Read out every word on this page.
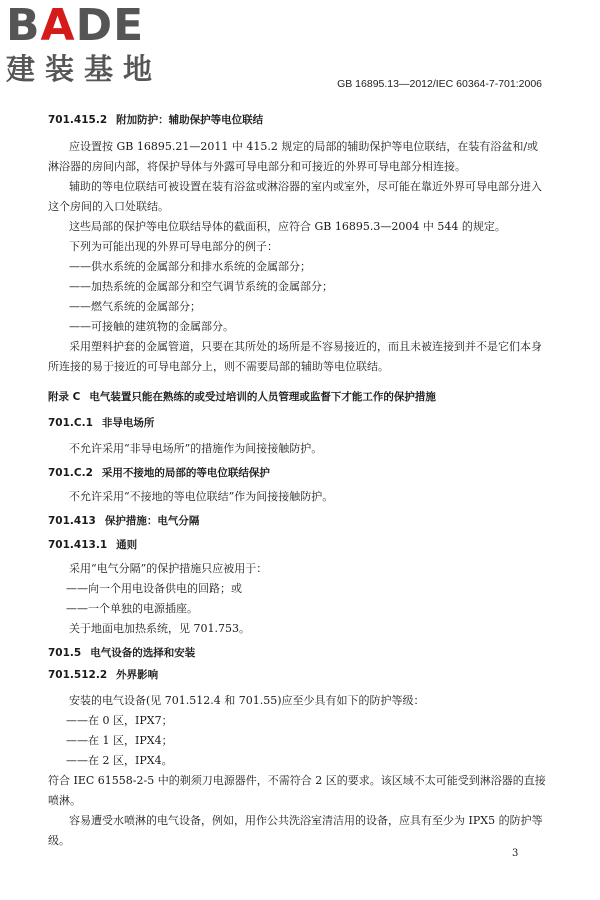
BADE
建装基地	GB 16895.13—2012/IEC 60364-7-701:2006
701.415.2 附加防护：辅助保护等电位联结

应设置按 GB 16895.21—2011 中 415.2 规定的局部的辅助保护等电位联结，在装有浴盆和/或淋浴器的房间内部，将保护导体与外露可导电部分和可接近的外界可导电部分相连接。

辅助的等电位联结可被设置在装有浴盆或淋浴器的室内或室外，尽可能在靠近外界可导电部分进入这个房间的入口处联结。

这些局部的保护等电位联结导体的截面积，应符合 GB 16895.3—2004 中 544 的规定。

下列为可能出现的外界可导电部分的例子：

——供水系统的金属部分和排水系统的金属部分；

——加热系统的金属部分和空气调节系统的金属部分；

——燃气系统的金属部分；

——可接触的建筑物的金属部分。

采用塑料护套的金属管道，只要在其所处的场所是不容易接近的，而且未被连接到并不是它们本身所连接的易于接近的可导电部分上，则不需要局部的辅助等电位联结。

附录 C 电气装置只能在熟练的或受过培训的人员管理或监督下才能工作的保护措施
701.C.1 非导电场所

不允许采用“非导电场所”的措施作为间接接触防护。

701.C.2 采用不接地的局部的等电位联结保护

不允许采用“不接地的等电位联结”作为间接接触防护。

701.413 保护措施：电气分隔
701.413.1 通则

采用“电气分隔”的保护措施只应被用于：

——向一个用电设备供电的回路；或

——一个单独的电源插座。

关于地面电加热系统，见 701.753。

701.5 电气设备的选择和安装
701.512.2 外界影响

安装的电气设备(见 701.512.4 和 701.55)应至少具有如下的防护等级：

——在 0 区，IPX7；

——在 1 区，IPX4；

——在 2 区，IPX4。

符合 IEC 61558-2-5 中的剃须刀电源器件，不需符合 2 区的要求。该区域不太可能受到淋浴器的直接喷淋。

容易遭受水喷淋的电气设备，例如，用作公共洗浴室清洁用的设备，应具有至少为 IPX5 的防护等级。

3
